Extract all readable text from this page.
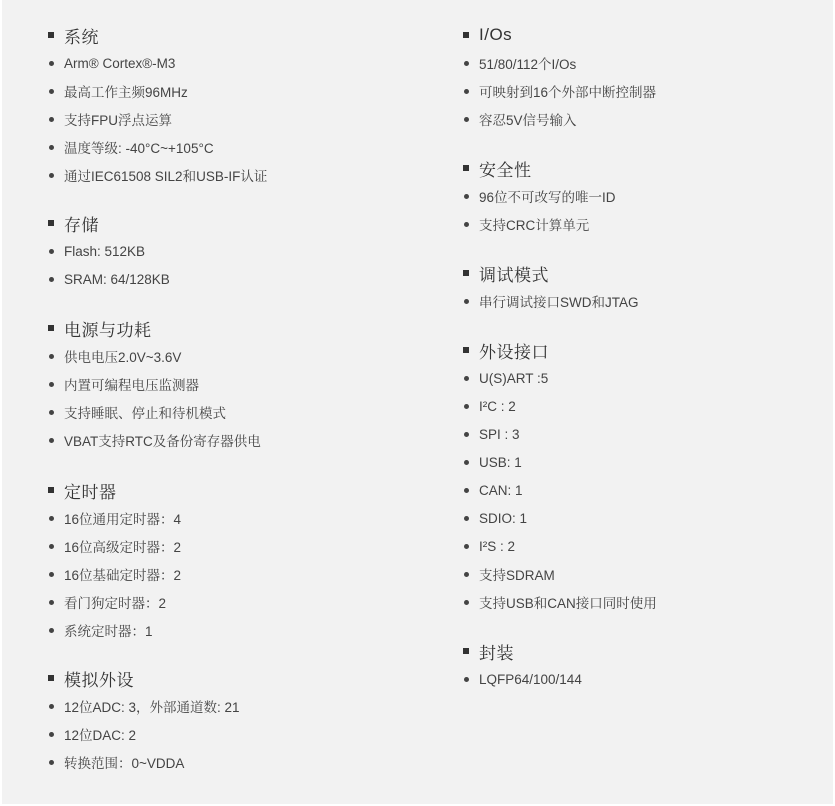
系统
Arm® Cortex®-M3
最高工作主频96MHz
支持FPU浮点运算
温度等级: -40°C~+105°C
通过IEC61508 SIL2和USB-IF认证
存储
Flash: 512KB
SRAM: 64/128KB
电源与功耗
供电电压2.0V~3.6V
内置可编程电压监测器
支持睡眠、停止和待机模式
VBAT支持RTC及备份寄存器供电
定时器
16位通用定时器：4
16位高级定时器：2
16位基础定时器：2
看门狗定时器：2
系统定时器：1
模拟外设
12位ADC: 3，外部通道数: 21
12位DAC: 2
转换范围：0~VDDA
I/Os
51/80/112个I/Os
可映射到16个外部中断控制器
容忍5V信号输入
安全性
96位不可改写的唯一ID
支持CRC计算单元
调试模式
串行调试接口SWD和JTAG
外设接口
U(S)ART :5
I²C : 2
SPI : 3
USB: 1
CAN: 1
SDIO: 1
I²S : 2
支持SDRAM
支持USB和CAN接口同时使用
封装
LQFP64/100/144
